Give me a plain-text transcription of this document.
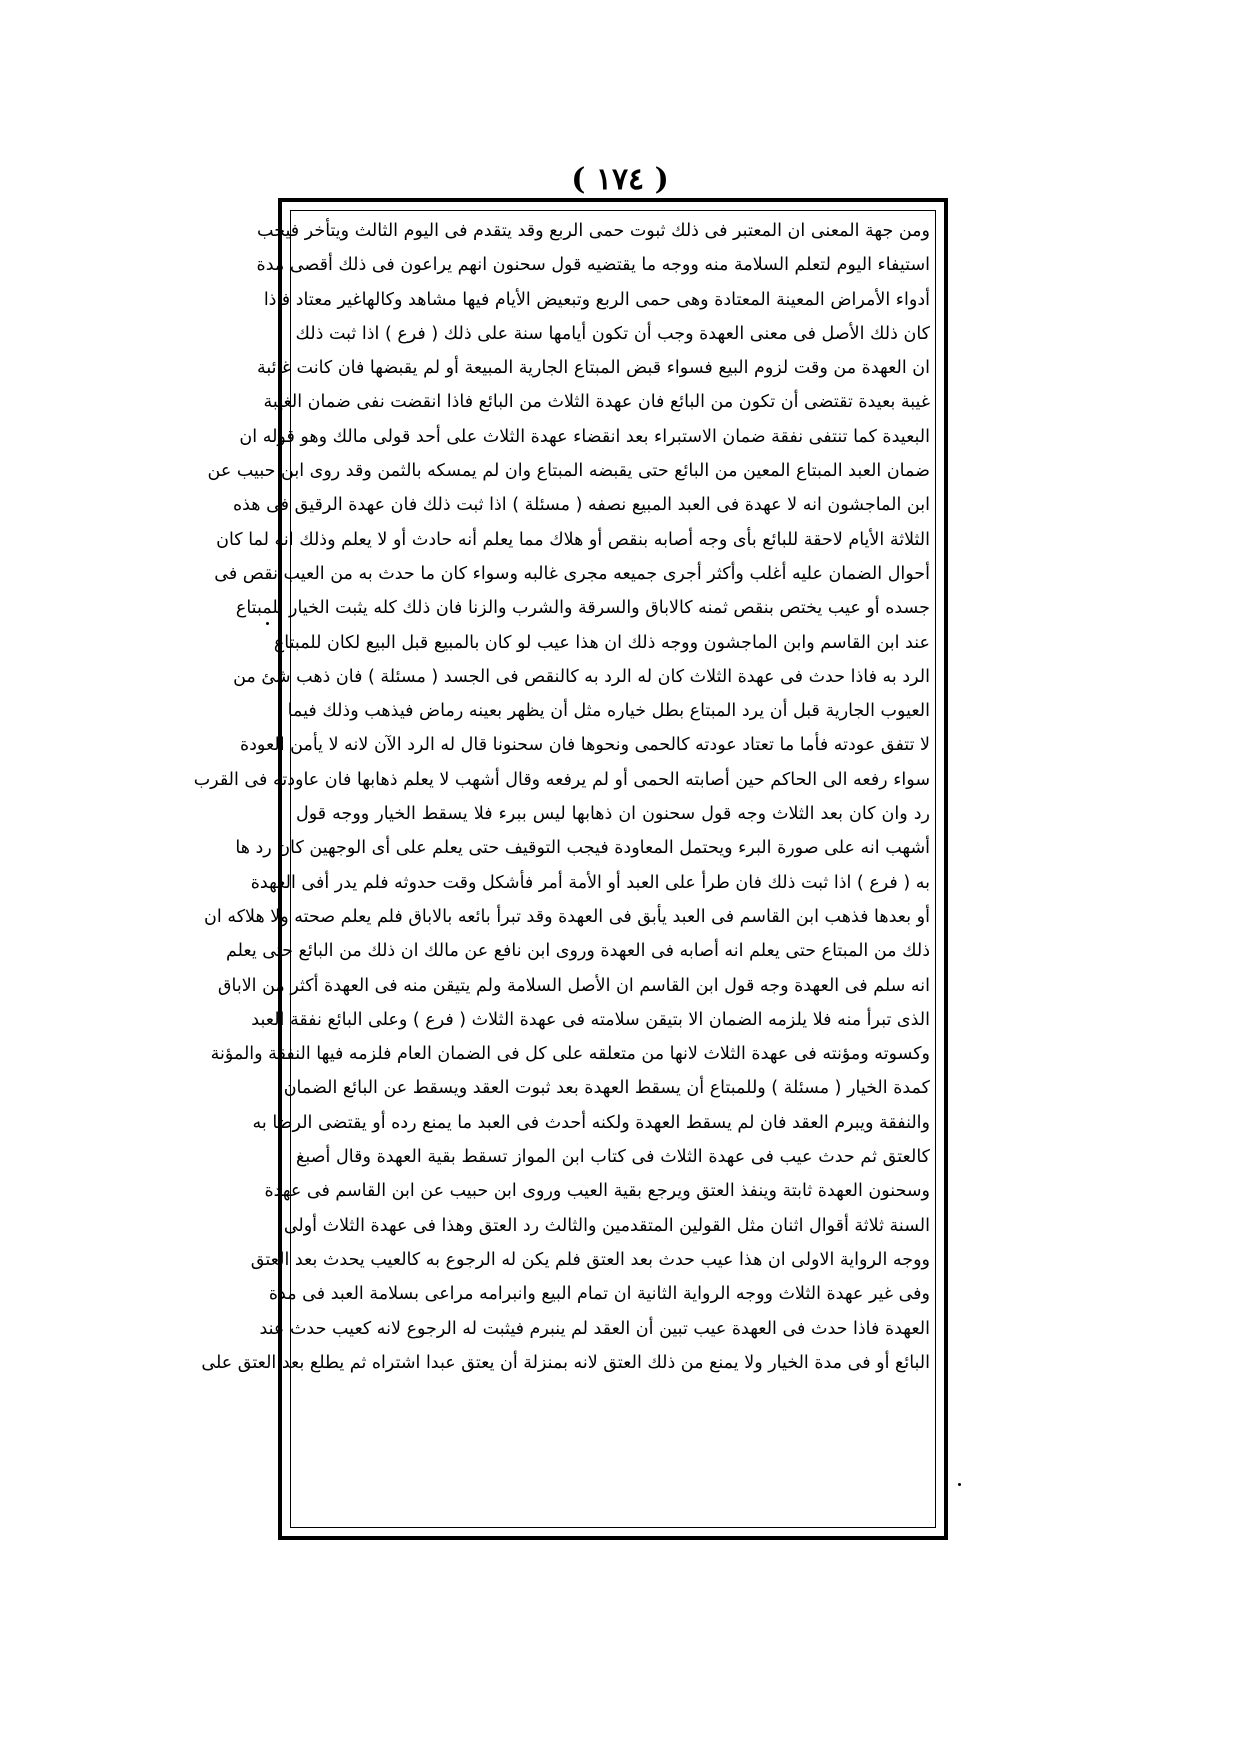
( ١٧٤ )
ومن جهة المعنى ان المعتبر فى ذلك ثبوت حمى الربع وقد يتقدم فى اليوم الثالث ويتأخر فيجب
استيفاء اليوم لتعلم السلامة منه ووجه ما يقتضيه قول سحنون انهم يراعون فى ذلك أقصى مدة
أدواء الأمراض المعينة المعتادة وهى حمى الربع وتبعيض الأيام فيها مشاهد وكالهاغير معتاد فاذا
كان ذلك الأصل فى معنى العهدة وجب أن تكون أيامها سنة على ذلك ( فرع ) اذا ثبت ذلك
ان العهدة من وقت لزوم البيع فسواء قبض المبتاع الجارية المبيعة أو لم يقبضها فان كانت غائبة
غيبة بعيدة تقتضى أن تكون من البائع فان عهدة الثلاث من البائع فاذا انقضت نفى ضمان الغيبة
البعيدة كما تنتفى نفقة ضمان الاستبراء بعد انقضاء عهدة الثلاث على أحد قولى مالك وهو قوله ان
ضمان العبد المبتاع المعين من البائع حتى يقبضه المبتاع وان لم يمسكه بالثمن وقد روى ابن حبيب عن
ابن الماجشون انه لا عهدة فى العبد المبيع نصفه ( مسئلة ) اذا ثبت ذلك فان عهدة الرقيق فى هذه
الثلاثة الأيام لاحقة للبائع بأى وجه أصابه بنقص أو هلاك مما يعلم أنه حادث أو لا يعلم وذلك انه لما كان
أحوال الضمان عليه أغلب وأكثر أجرى جميعه مجرى غالبه وسواء كان ما حدث به من العيب نقص فى
جسده أو عيب يختص بنقص ثمنه كالاباق والسرقة والشرب والزنا فان ذلك كله يثبت الخيار للمبتاع
عند ابن القاسم وابن الماجشون ووجه ذلك ان هذا عيب لو كان بالمبيع قبل البيع لكان للمبتاع
الرد به فاذا حدث فى عهدة الثلاث كان له الرد به كالنقص فى الجسد ( مسئلة ) فان ذهب شئ من
العيوب الجارية قبل أن يرد المبتاع بطل خياره مثل أن يظهر بعينه رماض فيذهب وذلك فيما
لا تتفق عودته فأما ما تعتاد عودته كالحمى ونحوها فان سحنونا قال له الرد الآن لانه لا يأمن العودة
سواء رفعه الى الحاكم حين أصابته الحمى أو لم يرفعه وقال أشهب لا يعلم ذهابها فان عاودته فى القرب
رد وان كان بعد الثلاث وجه قول سحنون ان ذهابها ليس ببرء فلا يسقط الخيار ووجه قول
أشهب انه على صورة البرء ويحتمل المعاودة فيجب التوقيف حتى يعلم على أى الوجهين كان رد ها
به ( فرع ) اذا ثبت ذلك فان طرأ على العبد أو الأمة أمر فأشكل وقت حدوثه فلم يدر أفى العهدة
أو بعدها فذهب ابن القاسم فى العبد يأبق فى العهدة وقد تبرأ بائعه بالاباق فلم يعلم صحته ولا هلاكه ان
ذلك من المبتاع حتى يعلم انه أصابه فى العهدة وروى ابن نافع عن مالك ان ذلك من البائع حتى يعلم
انه سلم فى العهدة وجه قول ابن القاسم ان الأصل السلامة ولم يتيقن منه فى العهدة أكثر من الاباق
الذى تبرأ منه فلا يلزمه الضمان الا بتيقن سلامته فى عهدة الثلاث ( فرع ) وعلى البائع نفقة العبد
وكسوته ومؤنته فى عهدة الثلاث لانها من متعلقه على كل فى الضمان العام فلزمه فيها النفقة والمؤنة
كمدة الخيار ( مسئلة ) وللمبتاع أن يسقط العهدة بعد ثبوت العقد ويسقط عن البائع الضمان
والنفقة ويبرم العقد فان لم يسقط العهدة ولكنه أحدث فى العبد ما يمنع رده أو يقتضى الرضا به
كالعتق ثم حدث عيب فى عهدة الثلاث فى كتاب ابن المواز تسقط بقية العهدة وقال أصبغ
وسحنون العهدة ثابتة وينفذ العتق ويرجع بقية العيب وروى ابن حبيب عن ابن القاسم فى عهدة
السنة ثلاثة أقوال اثنان مثل القولين المتقدمين والثالث رد العتق وهذا فى عهدة الثلاث أولى
ووجه الرواية الاولى ان هذا عيب حدث بعد العتق فلم يكن له الرجوع به كالعيب يحدث بعد العتق
وفى غير عهدة الثلاث ووجه الرواية الثانية ان تمام البيع وانبرامه مراعى بسلامة العبد فى مدة
العهدة فاذا حدث فى العهدة عيب تبين أن العقد لم ينبرم فيثبت له الرجوع لانه كعيب حدث عند
البائع أو فى مدة الخيار ولا يمنع من ذلك العتق لانه بمنزلة أن يعتق عبدا اشتراه ثم يطلع بعد العتق على
